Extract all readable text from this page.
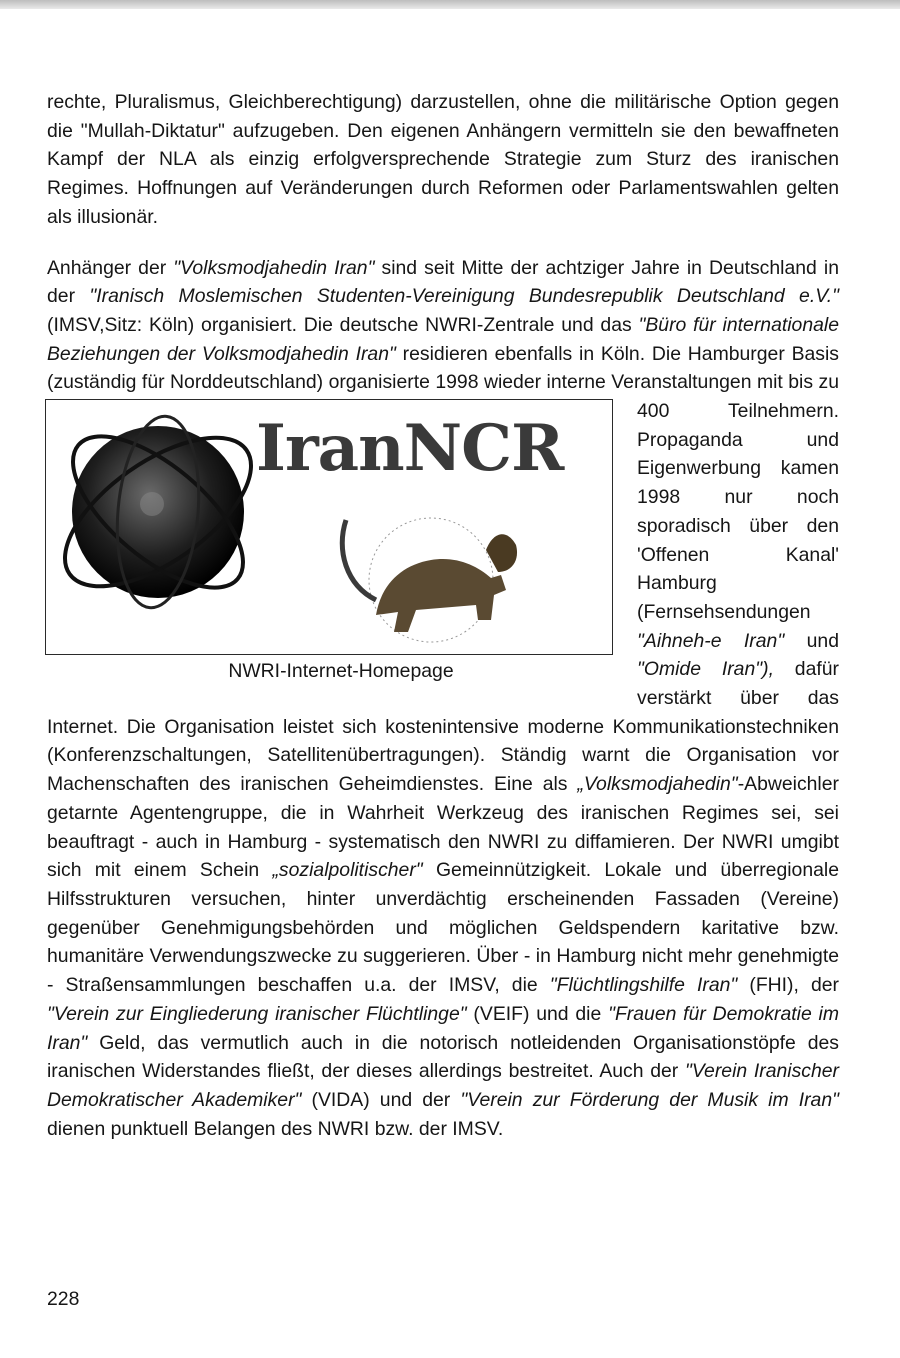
rechte, Pluralismus, Gleichberechtigung) darzustellen, ohne die militärische Option gegen die "Mullah-Diktatur" aufzugeben. Den eigenen Anhängern vermitteln sie den bewaffneten Kampf der NLA als einzig erfolgversprechende Strategie zum Sturz des iranischen Regimes. Hoffnungen auf Veränderungen durch Reformen oder Parlamentswahlen gelten als illusionär.

Anhänger der "Volksmodjahedin Iran" sind seit Mitte der achtziger Jahre in Deutschland in der "Iranisch Moslemischen Studenten-Vereinigung Bundesrepublik Deutschland e.V." (IMSV,Sitz: Köln) organisiert. Die deutsche NWRI-Zentrale und das "Büro für internationale Beziehungen der Volksmodjahedin Iran" residieren ebenfalls in Köln. Die Hamburger Basis (zuständig für Norddeutschland) organisierte 1998 wieder interne Veranstal
IranNCR
NWRI-Internet-Homepage
tungen mit bis zu 400 Teilnehmern. Propaganda und Eigenwerbung kamen 1998 nur noch sporadisch über den 'Offenen Kanal' Hamburg (Fernsehsendungen "Aihneh-e Iran" und "Omide Iran"), dafür verstärkt über das Internet. Die Organisation leistet sich kostenintensive moderne Kommunikationstechniken (Konferenzschaltungen, Satellitenübertragungen). Ständig warnt die Organisation vor Machenschaften des iranischen Geheimdienstes. Eine als „Volksmodjahedin"-Abweichler getarnte Agentengruppe, die in Wahrheit Werkzeug des iranischen Regimes sei, sei beauftragt - auch in Hamburg - systematisch den NWRI zu diffamieren. Der NWRI umgibt sich mit einem Schein „sozialpolitischer" Gemeinnützigkeit. Lokale und überregionale Hilfsstrukturen versuchen, hinter unverdächtig erscheinenden Fassaden (Vereine) gegenüber Genehmigungsbehörden und möglichen Geldspendern karitative bzw. humanitäre Verwendungszwecke zu suggerieren. Über - in Hamburg nicht mehr genehmigte - Straßensammlungen beschaffen u.a. der IMSV, die "Flüchtlingshilfe Iran" (FHI), der "Verein zur Eingliederung iranischer Flüchtlinge" (VEIF) und die "Frauen für Demokratie im Iran" Geld, das vermutlich auch in die notorisch notleidenden Organisationstöpfe des iranischen Widerstandes fließt, der dieses allerdings bestreitet. Auch der "Verein Iranischer Demokratischer Akademiker" (VIDA) und der "Verein zur Förderung der Musik im Iran" dienen punktuell Belangen des NWRI bzw. der IMSV.

228
